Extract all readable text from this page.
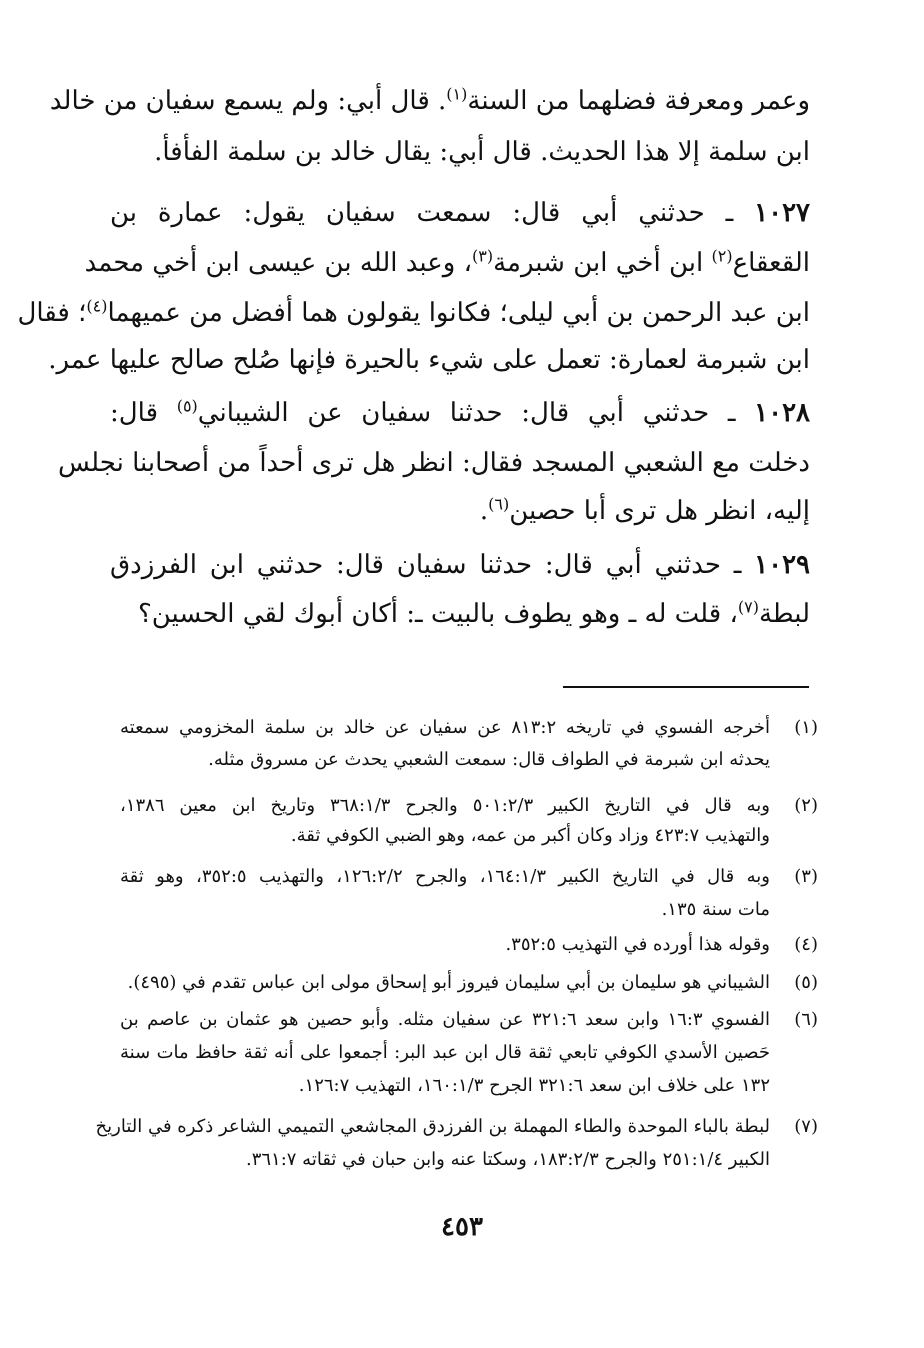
وعمر ومعرفة فضلهما من السنة$^{(١)}$. قال أبي: ولم يسمع سفيان من خالد
ابن سلمة إلا هذا الحديث. قال أبي: يقال خالد بن سلمة الفأفأ.
١٠٢٧ ـ حدثني أبي قال: سمعت سفيان يقول: عمارة بن
القعقاع$^{(٢)}$ ابن أخي ابن شبرمة$^{(٣)}$، وعبد الله بن عيسى ابن أخي محمد
ابن عبد الرحمن بن أبي ليلى؛ فكانوا يقولون هما أفضل من عميهما$^{(٤)}$؛ فقال
ابن شبرمة لعمارة: تعمل على شيء بالحيرة فإنها صُلح صالح عليها عمر.
١٠٢٨ ـ حدثني أبي قال: حدثنا سفيان عن الشيباني$^{(٥)}$ قال:
دخلت مع الشعبي المسجد فقال: انظر هل ترى أحداً من أصحابنا نجلس
إليه، انظر هل ترى أبا حصين$^{(٦)}$.
١٠٢٩ ـ حدثني أبي قال: حدثنا سفيان قال: حدثني ابن الفرزدق
لبطة$^{(٧)}$، قلت له ـ وهو يطوف بالبيت ـ: أكان أبوك لقي الحسين؟
(١)
أخرجه الفسوي في تاريخه ٨١٣:٢ عن سفيان عن خالد بن سلمة المخزومي سمعته
يحدثه ابن شبرمة في الطواف قال: سمعت الشعبي يحدث عن مسروق مثله.
(٢)
وبه قال في التاريخ الكبير ٥٠١:٢/٣ والجرح ٣٦٨:١/٣ وتاريخ ابن معين ١٣٨٦،
والتهذيب ٤٢٣:٧ وزاد وكان أكبر من عمه، وهو الضبي الكوفي ثقة.
(٣)
وبه قال في التاريخ الكبير ١٦٤:١/٣، والجرح ١٢٦:٢/٢، والتهذيب ٣٥٢:٥، وهو ثقة
مات سنة ١٣٥.
(٤)
وقوله هذا أورده في التهذيب ٣٥٢:٥.
(٥)
الشيباني هو سليمان بن أبي سليمان فيروز أبو إسحاق مولى ابن عباس تقدم في (٤٩٥).
(٦)
الفسوي ١٦:٣ وابن سعد ٣٢١:٦ عن سفيان مثله. وأبو حصين هو عثمان بن عاصم بن
حَصين الأسدي الكوفي تابعي ثقة قال ابن عبد البر: أجمعوا على أنه ثقة حافظ مات سنة
١٣٢ على خلاف ابن سعد ٣٢١:٦ الجرح ١٦٠:١/٣، التهذيب ١٢٦:٧.
(٧)
لبطة بالباء الموحدة والطاء المهملة بن الفرزدق المجاشعي التميمي الشاعر ذكره في التاريخ
الكبير ٢٥١:١/٤ والجرح ١٨٣:٢/٣، وسكتا عنه وابن حبان في ثقاته ٣٦١:٧.
٤٥٣
